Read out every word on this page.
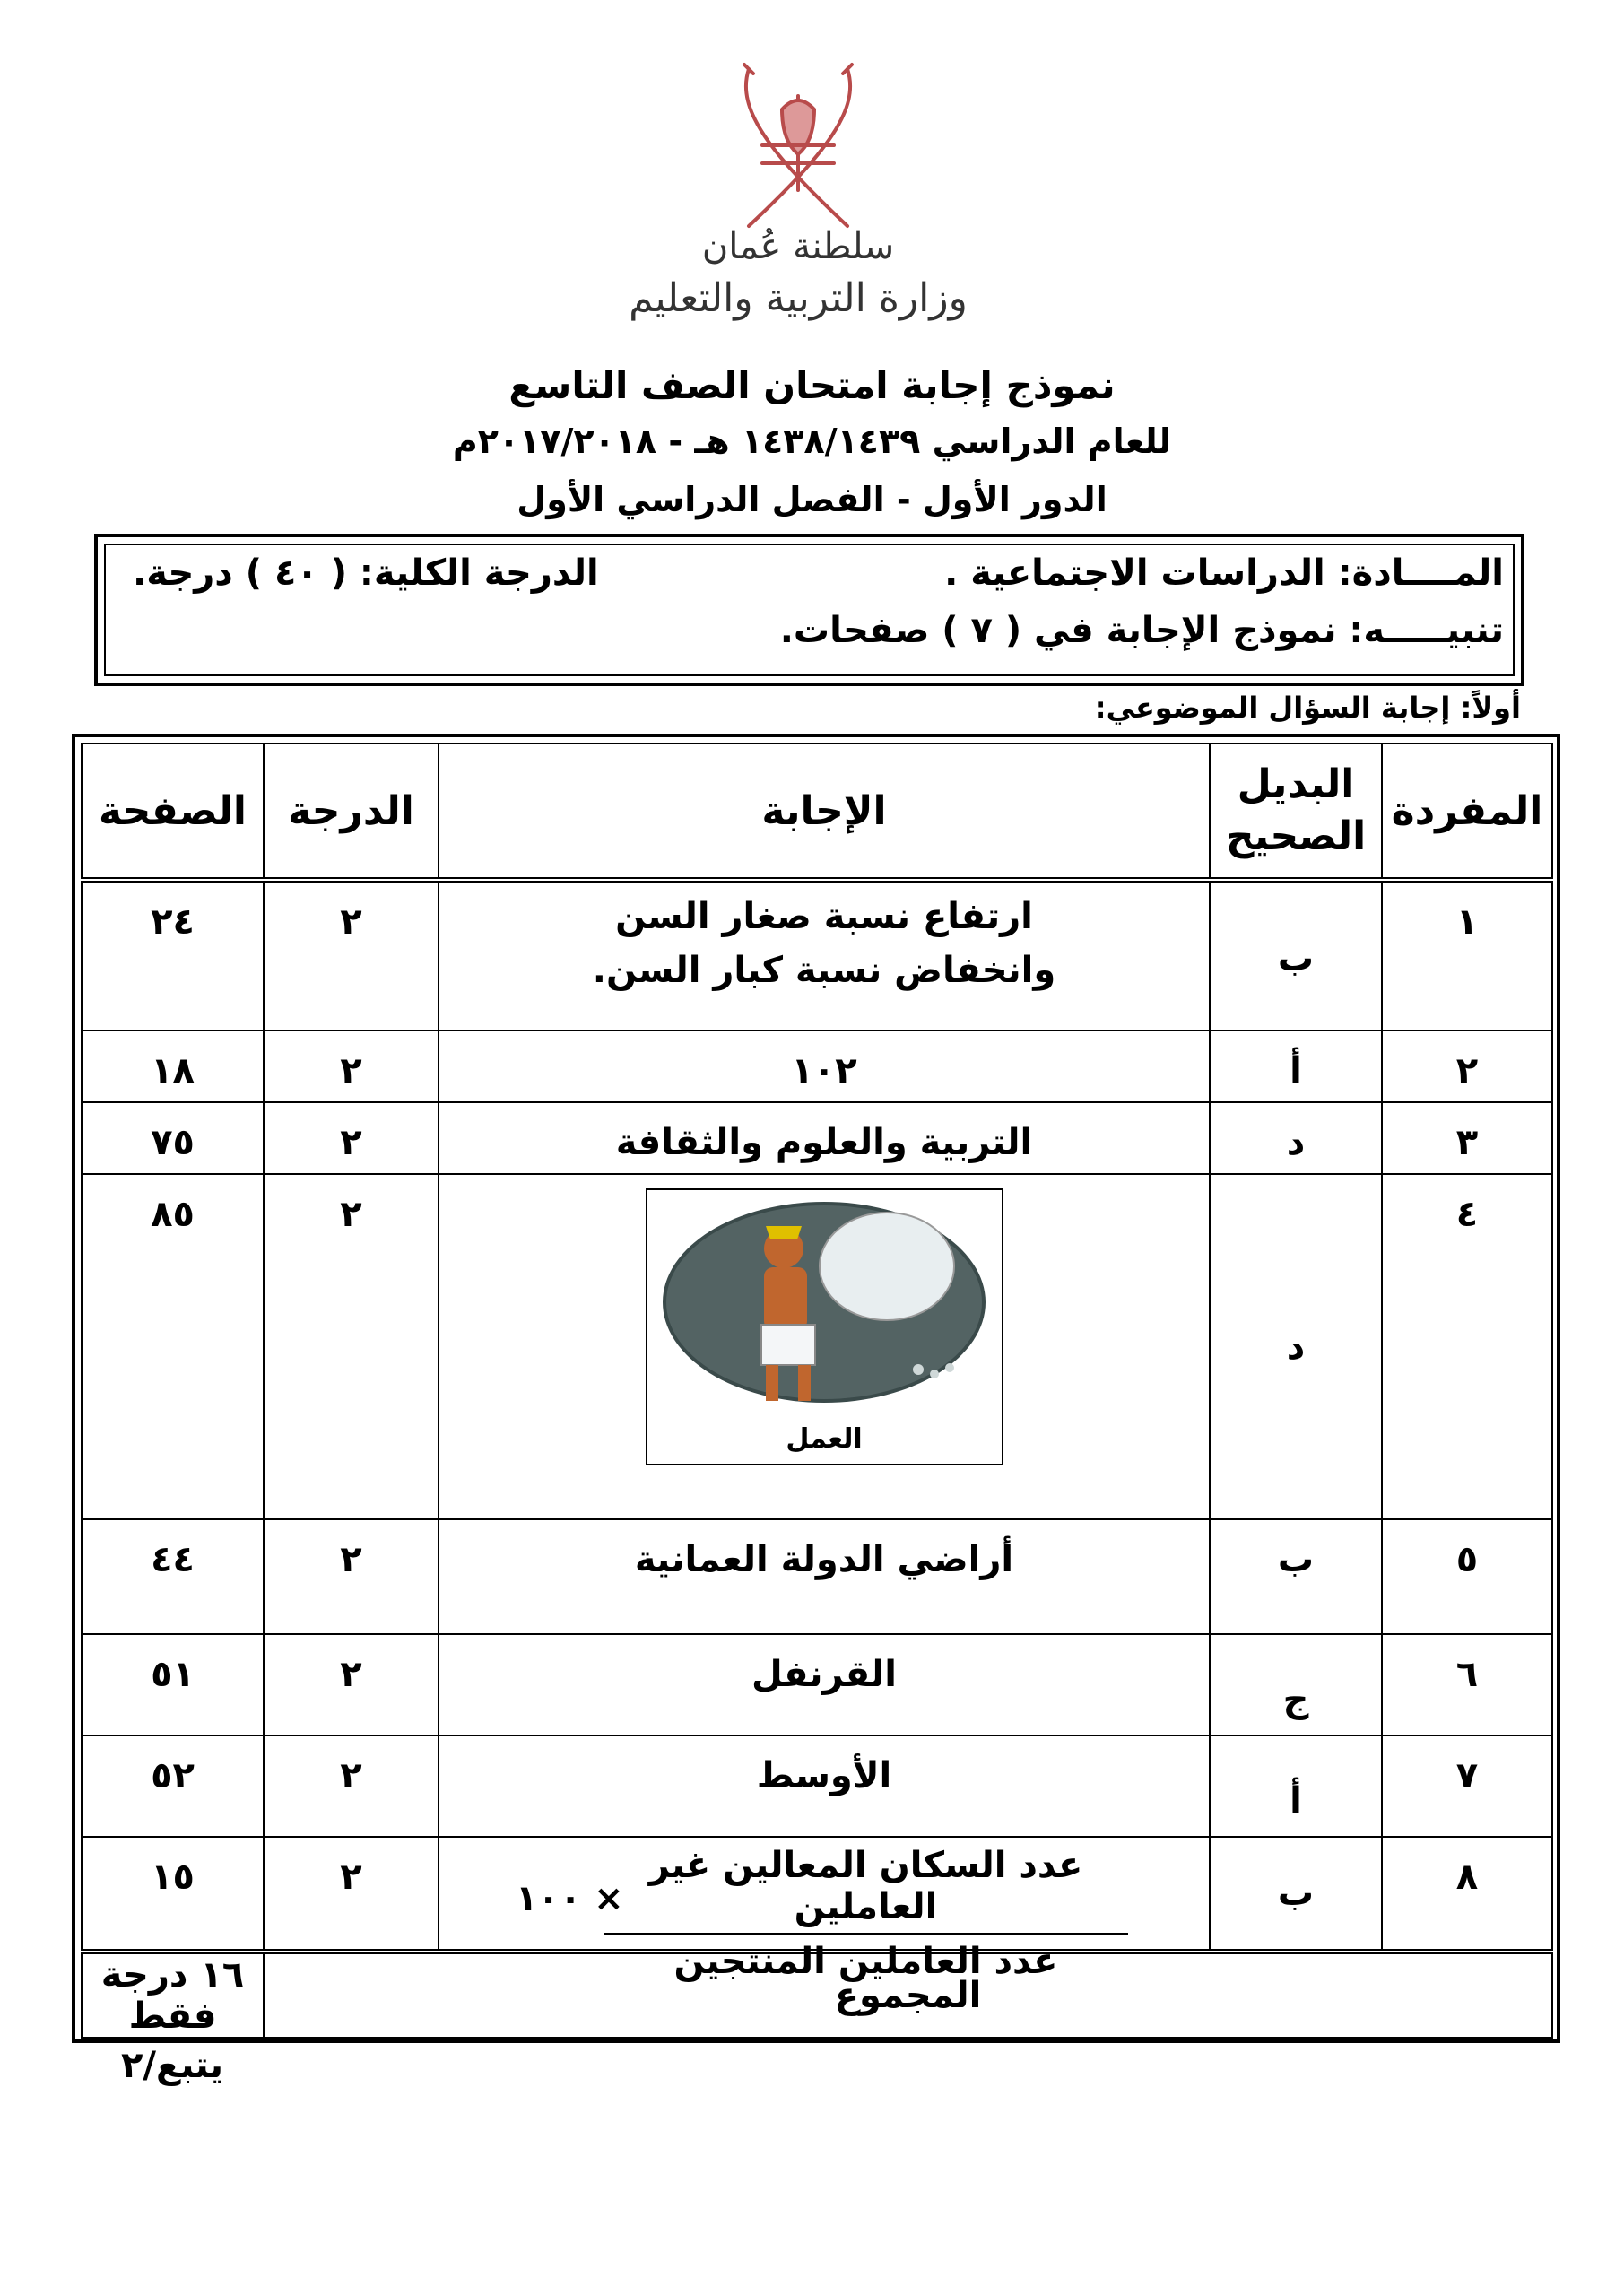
سلطنة عُمان
وزارة التربية والتعليم
نموذج إجابة امتحان الصف التاسع
للعام الدراسي ١٤٣٨/١٤٣٩ هـ - ٢٠١٧/٢٠١٨م
الدور الأول - الفصل الدراسي الأول
المــــادة: الدراسات الاجتماعية .
الدرجة الكلية: ( ٤٠ ) درجة.
تنبيـــــه: نموذج الإجابة في ( ٧ ) صفحات.
أولاً: إجابة السؤال الموضوعي:
المفردة	البديل الصحيح	الإجابة	الدرجة	الصفحة

١	ب	ارتفاع نسبة صغار السن
وانخفاض نسبة كبار السن.	٢	٢٤

٢	أ	١٠٢	٢	١٨

٣	د	التربية والعلوم والثقافة	٢	٧٥

٤	د	العمل	٢	٨٥

٥	ب	أراضي الدولة العمانية	٢	٤٤

٦	ج	القرنفل	٢	٥١

٧	أ	الأوسط	٢	٥٢

٨	ب	عدد السكان المعالين غير العاملين
عدد العاملين المنتجين
× ١٠٠	٢	١٥

المجموع				١٦ درجة فقط
يتبع/٢
